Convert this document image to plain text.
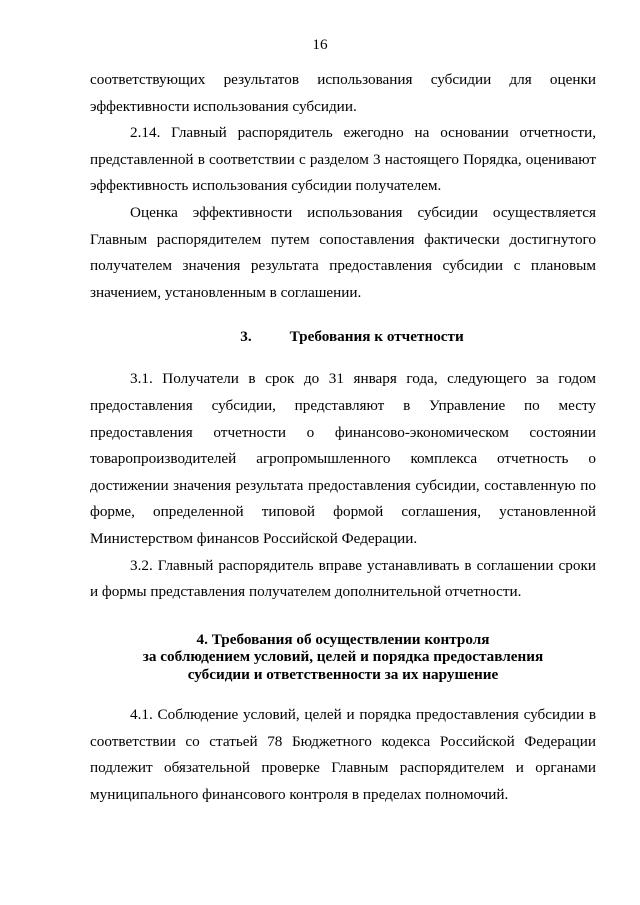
16

соответствующих результатов использования субсидии для оценки эффективности использования субсидии.

2.14. Главный распорядитель ежегодно на основании отчетности, представленной в соответствии с разделом 3 настоящего Порядка, оценивают эффективность использования субсидии получателем.

Оценка эффективности использования субсидии осуществляется Главным распорядителем путем сопоставления фактически достигнутого получателем значения результата предоставления субсидии с плановым значением, установленным в соглашении.

3.	Требования к отчетности

3.1. Получатели в срок до 31 января года, следующего за годом предоставления субсидии, представляют в Управление по месту предоставления отчетности о финансово-экономическом состоянии товаропроизводителей агропромышленного комплекса отчетность о достижении значения результата предоставления субсидии, составленную по форме, определенной типовой формой соглашения, установленной Министерством финансов Российской Федерации.

3.2. Главный распорядитель вправе устанавливать в соглашении сроки и формы представления получателем дополнительной отчетности.

4. Требования об осуществлении контроля
за соблюдением условий, целей и порядка предоставления
субсидии и ответственности за их нарушение

4.1. Соблюдение условий, целей и порядка предоставления субсидии в соответствии со статьей 78 Бюджетного кодекса Российской Федерации подлежит обязательной проверке Главным распорядителем и органами муниципального финансового контроля в пределах полномочий.
